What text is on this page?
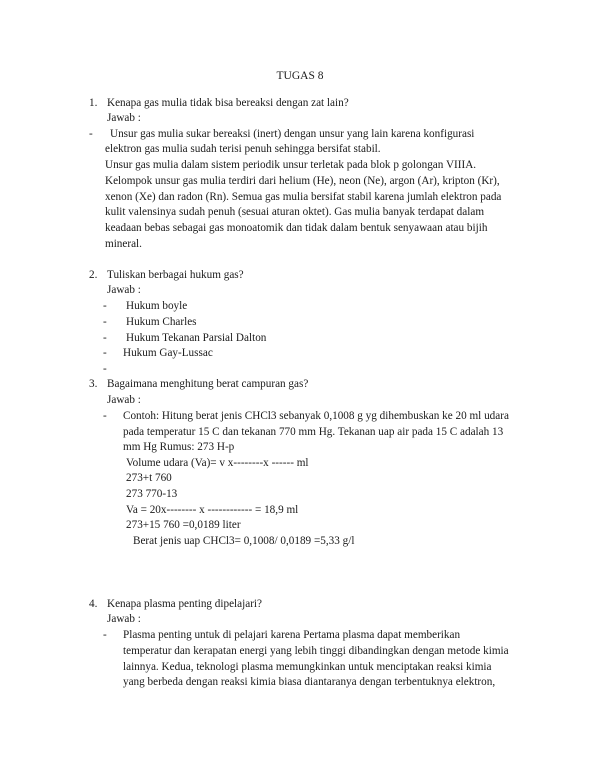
TUGAS 8

1. Kenapa gas mulia tidak bisa bereaksi dengan zat lain?

Jawab :

- Unsur gas mulia sukar bereaksi (inert) dengan unsur yang lain karena konfigurasi

elektron gas mulia sudah terisi penuh sehingga bersifat stabil.

Unsur gas mulia dalam sistem periodik unsur terletak pada blok p golongan VIIIA.

Kelompok unsur gas mulia terdiri dari helium (He), neon (Ne), argon (Ar), kripton (Kr),

xenon (Xe) dan radon (Rn). Semua gas mulia bersifat stabil karena jumlah elektron pada

kulit valensinya sudah penuh (sesuai aturan oktet). Gas mulia banyak terdapat dalam

keadaan bebas sebagai gas monoatomik dan tidak dalam bentuk senyawaan atau bijih

mineral.

2. Tuliskan berbagai hukum gas?

Jawab :

- Hukum boyle

- Hukum Charles

- Hukum Tekanan Parsial Dalton

- Hukum Gay-Lussac

-

3. Bagaimana menghitung berat campuran gas?

Jawab :

- Contoh: Hitung berat jenis CHCl3 sebanyak 0,1008 g yg dihembuskan ke 20 ml udara

pada temperatur 15 C dan tekanan 770 mm Hg. Tekanan uap air pada 15 C adalah 13

mm Hg Rumus: 273 H-p

Volume udara (Va)= v x--------x ------ ml

273+t 760

273 770-13

Va = 20x-------- x ------------ = 18,9 ml

273+15 760 =0,0189 liter

Berat jenis uap CHCl3= 0,1008/ 0,0189 =5,33 g/l

4. Kenapa plasma penting dipelajari?

Jawab :

- Plasma penting untuk di pelajari karena Pertama plasma dapat memberikan

temperatur dan kerapatan energi yang lebih tinggi dibandingkan dengan metode kimia

lainnya. Kedua, teknologi plasma memungkinkan untuk menciptakan reaksi kimia

yang berbeda dengan reaksi kimia biasa diantaranya dengan terbentuknya elektron,
